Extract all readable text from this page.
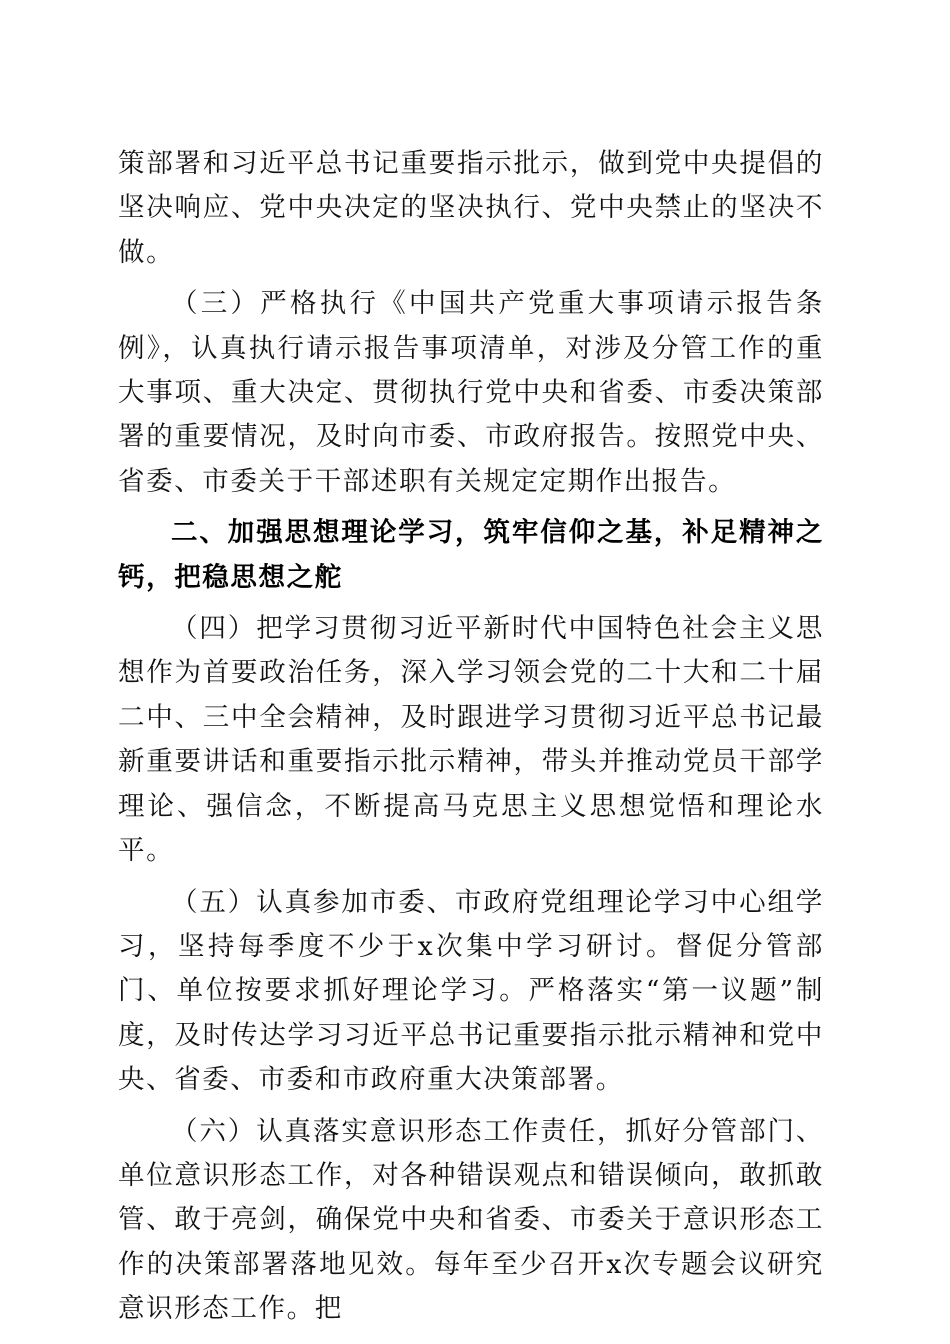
策部署和习近平总书记重要指示批示，做到党中央提倡的坚决响应、党中央决定的坚决执行、党中央禁止的坚决不做。

（三）严格执行《中国共产党重大事项请示报告条例》，认真执行请示报告事项清单，对涉及分管工作的重大事项、重大决定、贯彻执行党中央和省委、市委决策部署的重要情况，及时向市委、市政府报告。按照党中央、省委、市委关于干部述职有关规定定期作出报告。

二、加强思想理论学习，筑牢信仰之基，补足精神之钙，把稳思想之舵

（四）把学习贯彻习近平新时代中国特色社会主义思想作为首要政治任务，深入学习领会党的二十大和二十届二中、三中全会精神，及时跟进学习贯彻习近平总书记最新重要讲话和重要指示批示精神，带头并推动党员干部学理论、强信念，不断提高马克思主义思想觉悟和理论水平。

（五）认真参加市委、市政府党组理论学习中心组学习，坚持每季度不少于x次集中学习研讨。督促分管部门、单位按要求抓好理论学习。严格落实“第一议题”制度，及时传达学习习近平总书记重要指示批示精神和党中央、省委、市委和市政府重大决策部署。

（六）认真落实意识形态工作责任，抓好分管部门、单位意识形态工作，对各种错误观点和错误倾向，敢抓敢管、敢于亮剑，确保党中央和省委、市委关于意识形态工作的决策部署落地见效。每年至少召开x次专题会议研究意识形态工作。把
